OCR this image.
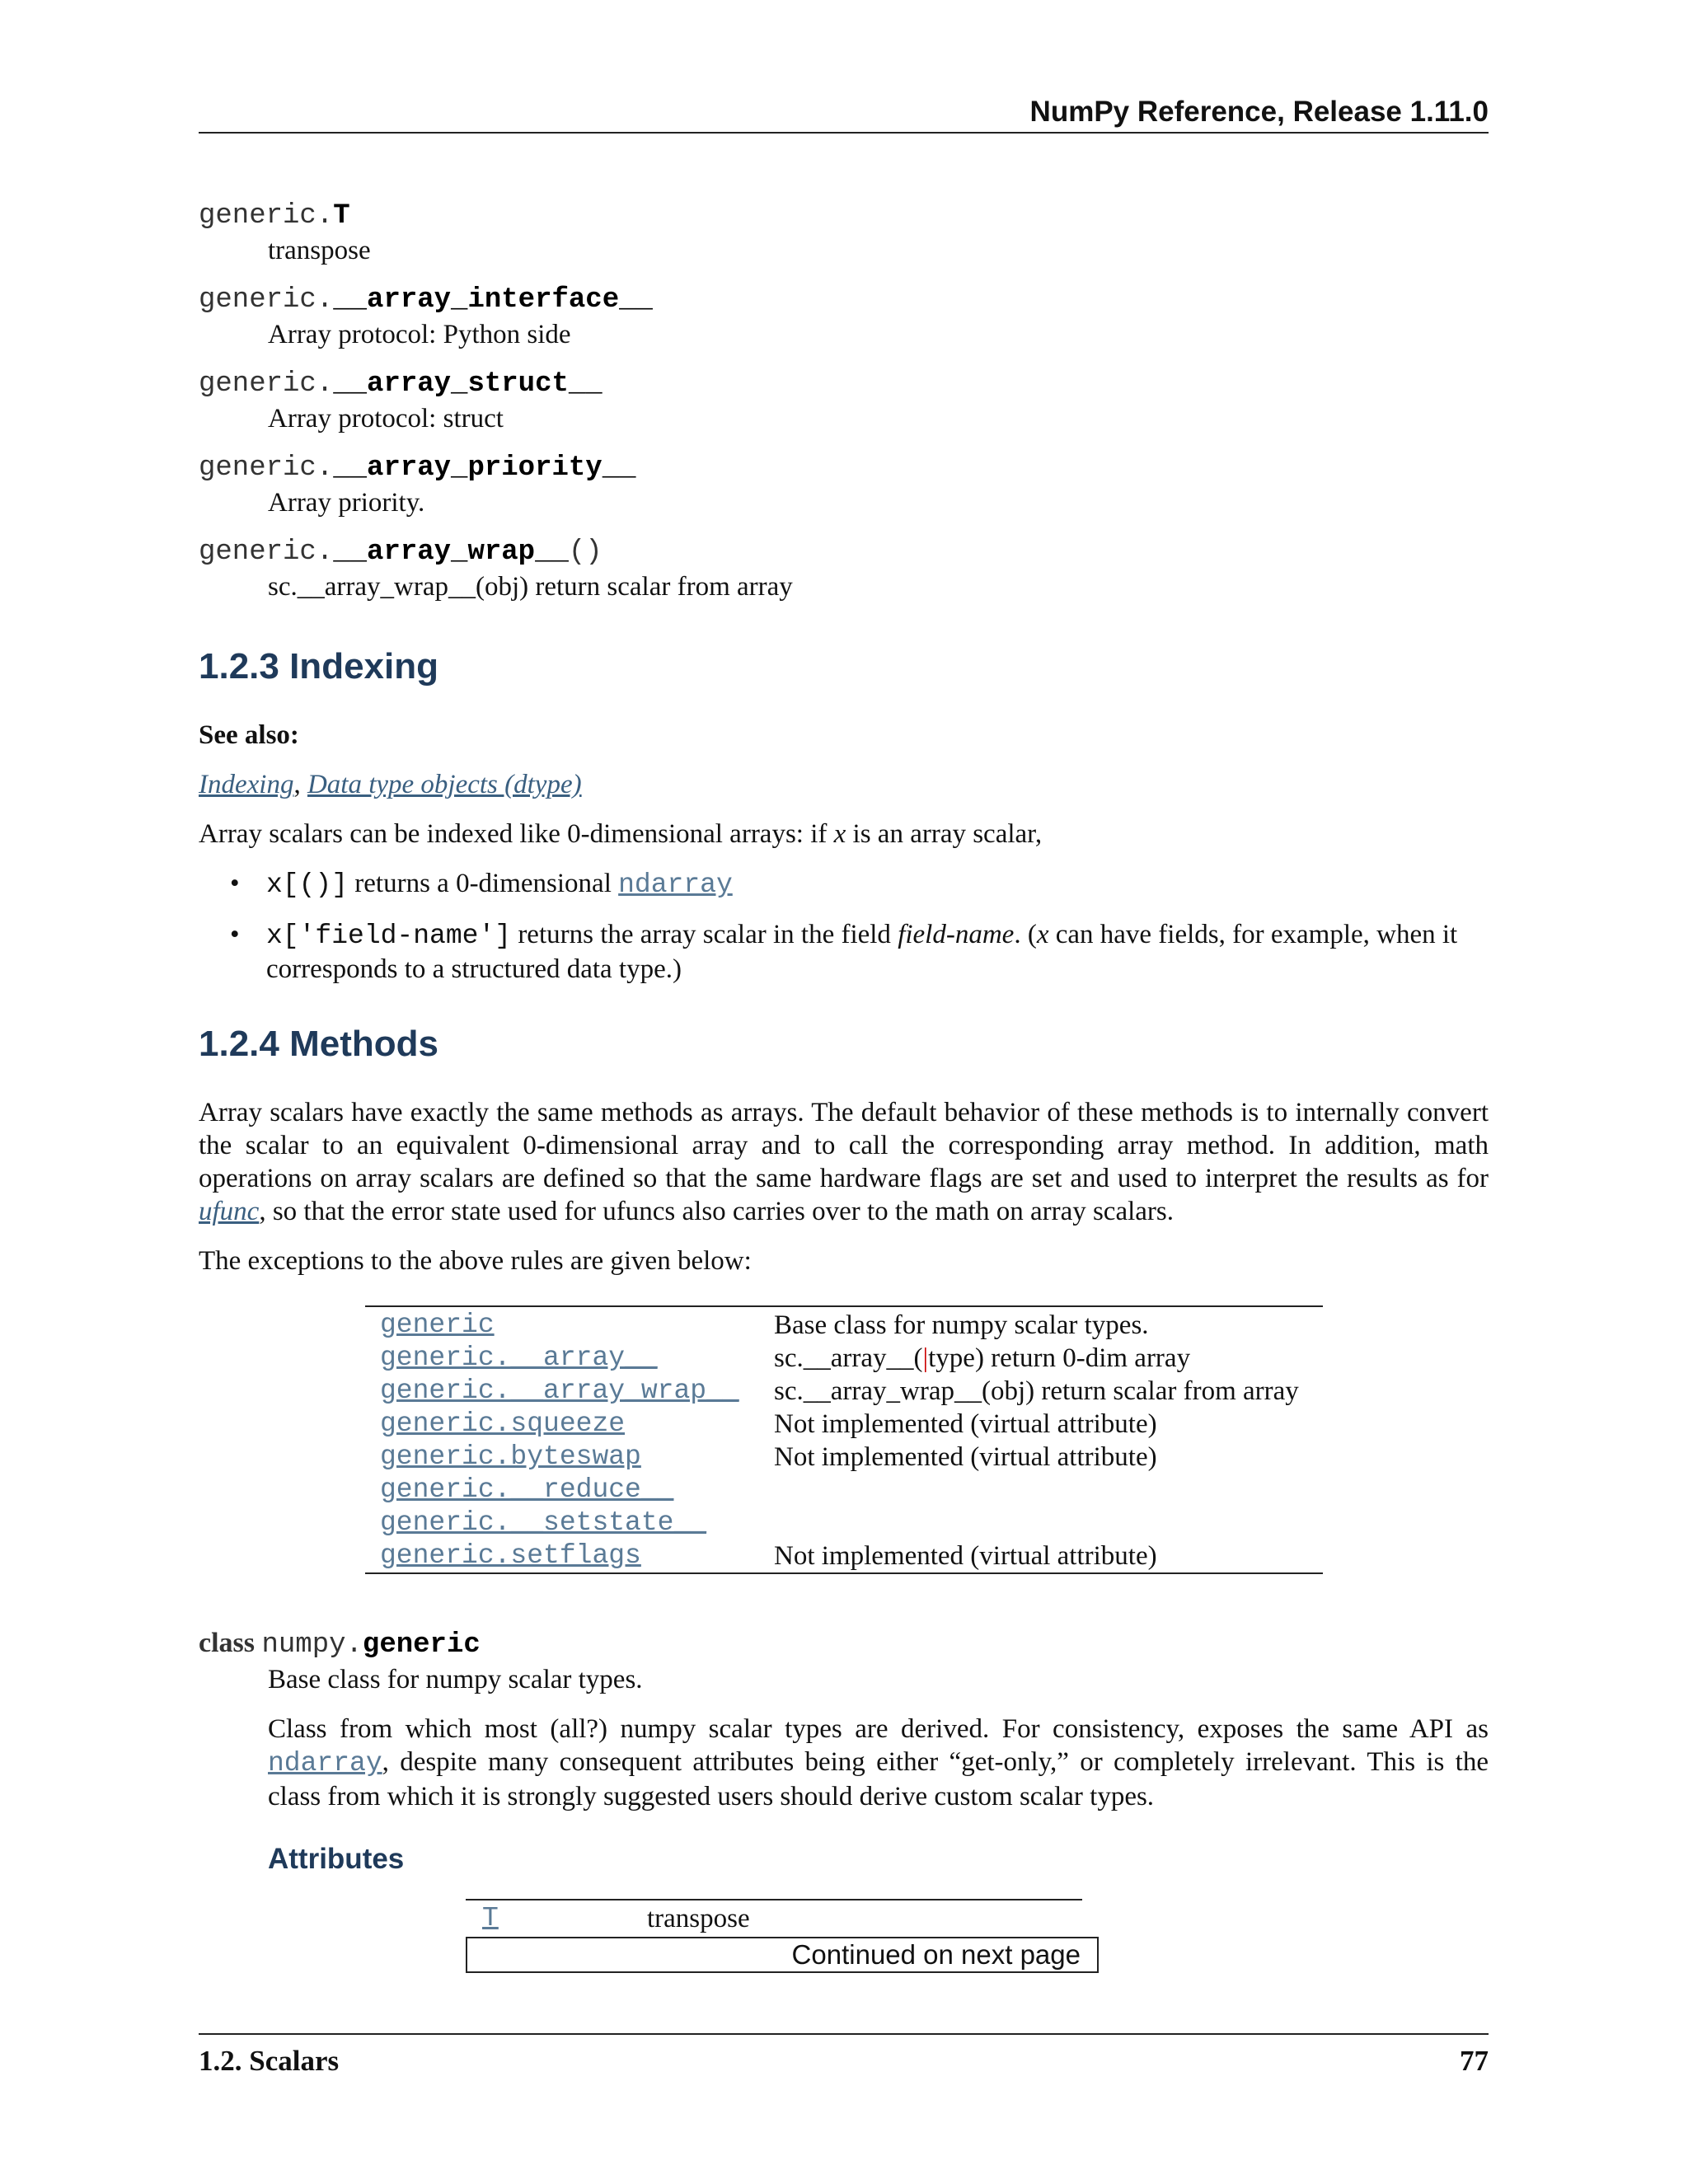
NumPy Reference, Release 1.11.0
generic.T
transpose
generic.__array_interface__
Array protocol: Python side
generic.__array_struct__
Array protocol: struct
generic.__array_priority__
Array priority.
generic.__array_wrap__()
sc.__array_wrap__(obj) return scalar from array
1.2.3 Indexing

See also:

Indexing, Data type objects (dtype)

Array scalars can be indexed like 0-dimensional arrays: if x is an array scalar,

• x[()] returns a 0-dimensional ndarray
• x['field-name'] returns the array scalar in the field field-name. (x can have fields, for example, when it corresponds to a structured data type.)
1.2.4 Methods

Array scalars have exactly the same methods as arrays. The default behavior of these methods is to internally convert the scalar to an equivalent 0-dimensional array and to call the corresponding array method. In addition, math operations on array scalars are defined so that the same hardware flags are set and used to interpret the results as for ufunc, so that the error state used for ufuncs also carries over to the math on array scalars.

The exceptions to the above rules are given below:

generic	Base class for numpy scalar types.
generic.__array__	sc.__array__(|type) return 0-dim array
generic.__array_wrap__	sc.__array_wrap__(obj) return scalar from array
generic.squeeze	Not implemented (virtual attribute)
generic.byteswap	Not implemented (virtual attribute)
generic.__reduce__	
generic.__setstate__	
generic.setflags	Not implemented (virtual attribute)
class numpy.generic
Base class for numpy scalar types.

Class from which most (all?) numpy scalar types are derived. For consistency, exposes the same API as ndarray, despite many consequent attributes being either “get-only,” or completely irrelevant. This is the class from which it is strongly suggested users should derive custom scalar types.

Attributes
T	transpose
Continued on next page
1.2. Scalars	77
